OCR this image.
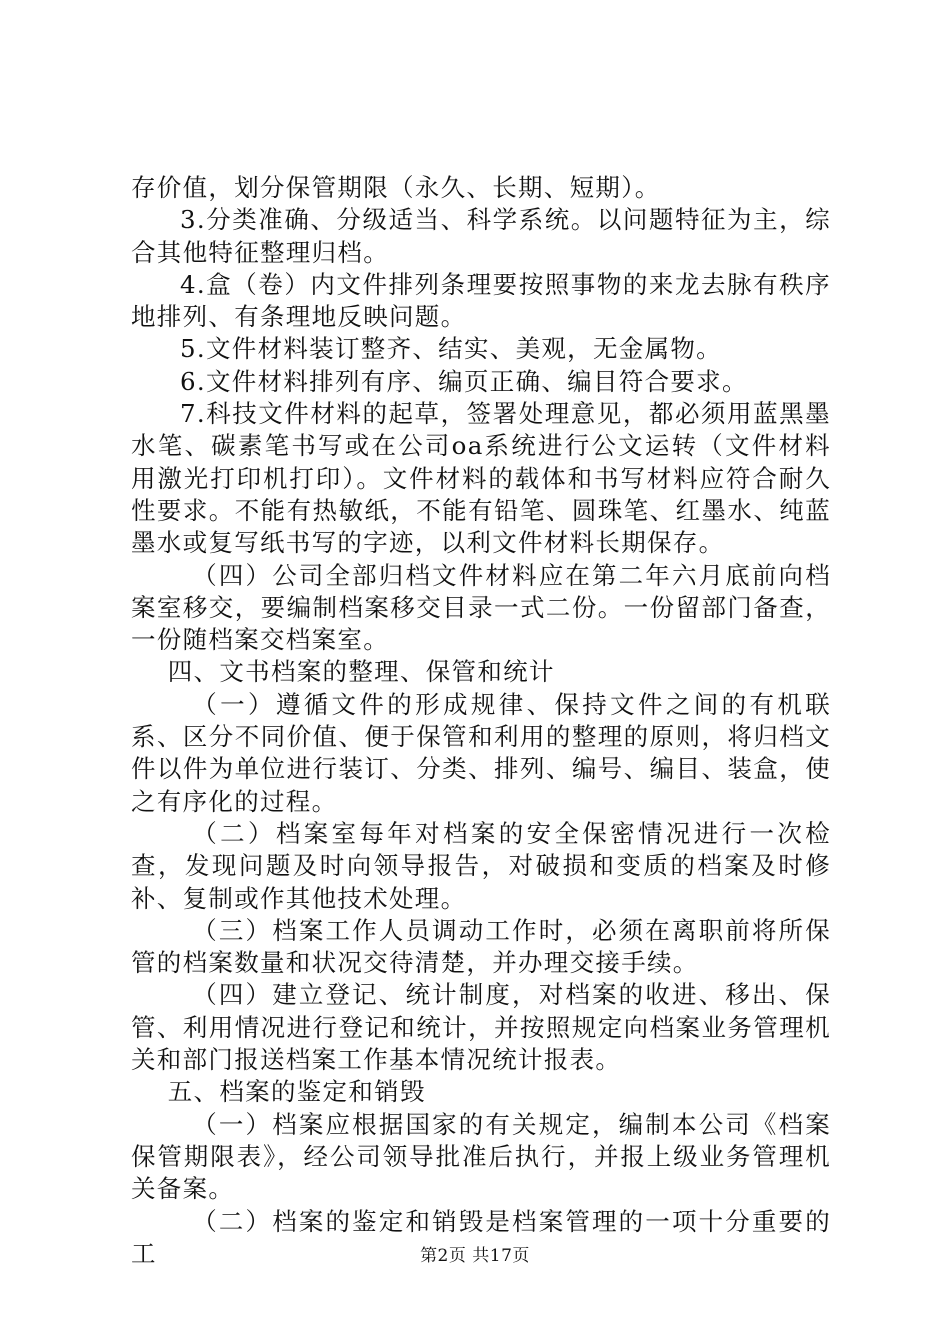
存价值，划分保管期限（永久、长期、短期）。

3.分类准确、分级适当、科学系统。以问题特征为主，综合其他特征整理归档。

4.盒（卷）内文件排列条理要按照事物的来龙去脉有秩序地排列、有条理地反映问题。

5.文件材料装订整齐、结实、美观，无金属物。

6.文件材料排列有序、编页正确、编目符合要求。

7.科技文件材料的起草，签署处理意见，都必须用蓝黑墨水笔、碳素笔书写或在公司oa系统进行公文运转（文件材料用激光打印机打印）。文件材料的载体和书写材料应符合耐久性要求。不能有热敏纸，不能有铅笔、圆珠笔、红墨水、纯蓝墨水或复写纸书写的字迹，以利文件材料长期保存。

（四）公司全部归档文件材料应在第二年六月底前向档案室移交，要编制档案移交目录一式二份。一份留部门备查，一份随档案交档案室。

四、文书档案的整理、保管和统计

（一）遵循文件的形成规律、保持文件之间的有机联系、区分不同价值、便于保管和利用的整理的原则，将归档文件以件为单位进行装订、分类、排列、编号、编目、装盒，使之有序化的过程。

（二）档案室每年对档案的安全保密情况进行一次检查，发现问题及时向领导报告，对破损和变质的档案及时修补、复制或作其他技术处理。

（三）档案工作人员调动工作时，必须在离职前将所保管的档案数量和状况交待清楚，并办理交接手续。

（四）建立登记、统计制度，对档案的收进、移出、保管、利用情况进行登记和统计，并按照规定向档案业务管理机关和部门报送档案工作基本情况统计报表。

五、档案的鉴定和销毁

（一）档案应根据国家的有关规定，编制本公司《档案保管期限表》，经公司领导批准后执行，并报上级业务管理机关备案。

（二）档案的鉴定和销毁是档案管理的一项十分重要的工	第2页 共17页
